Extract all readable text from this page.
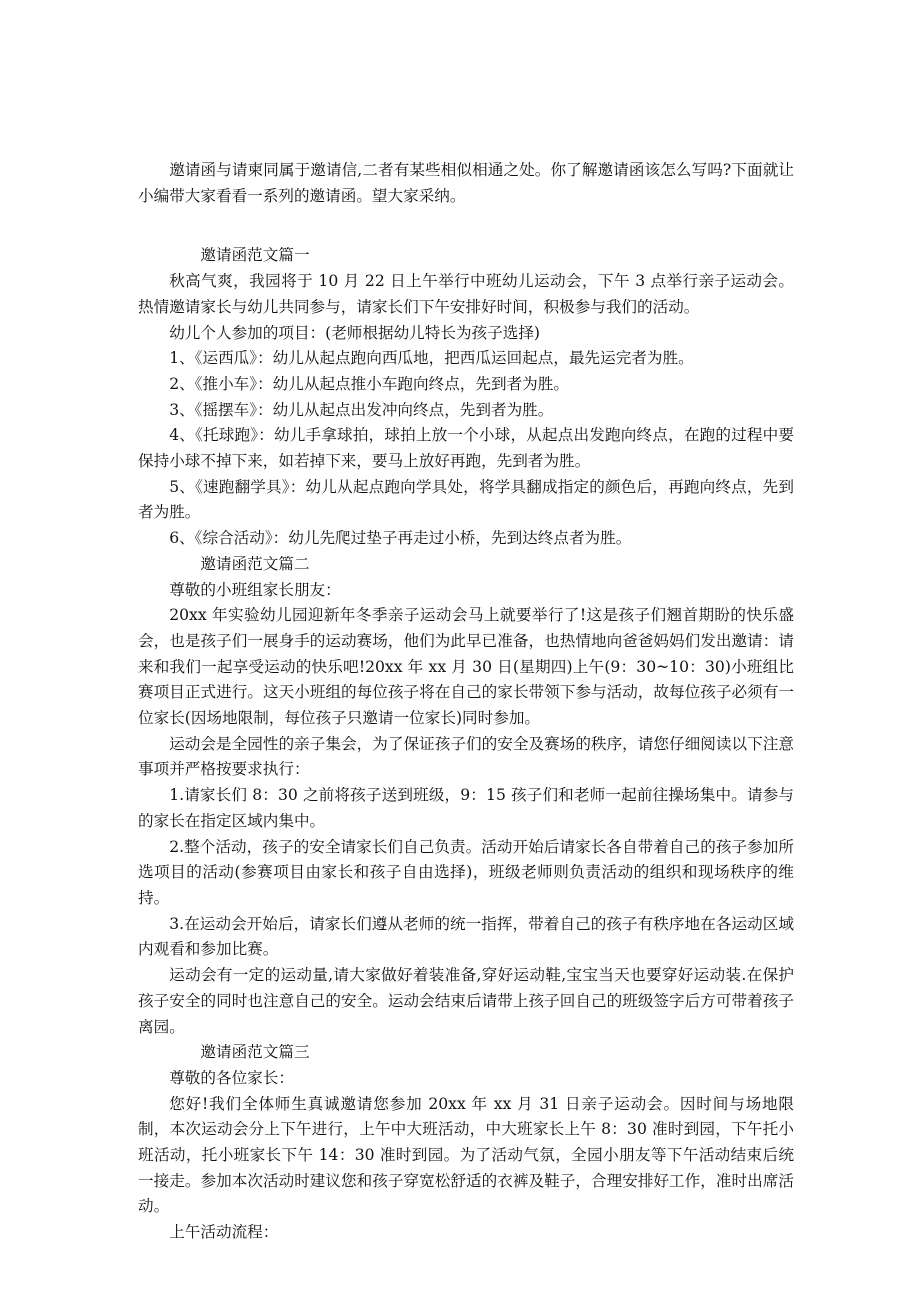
邀请函与请柬同属于邀请信,二者有某些相似相通之处。你了解邀请函该怎么写吗?下面就让小编带大家看看一系列的邀请函。望大家采纳。

邀请函范文篇一

秋高气爽，我园将于 10 月 22 日上午举行中班幼儿运动会，下午 3 点举行亲子运动会。热情邀请家长与幼儿共同参与，请家长们下午安排好时间，积极参与我们的活动。

幼儿个人参加的项目：(老师根据幼儿特长为孩子选择)

1、《运西瓜》：幼儿从起点跑向西瓜地，把西瓜运回起点，最先运完者为胜。

2、《推小车》：幼儿从起点推小车跑向终点，先到者为胜。

3、《摇摆车》：幼儿从起点出发冲向终点，先到者为胜。

4、《托球跑》：幼儿手拿球拍，球拍上放一个小球，从起点出发跑向终点，在跑的过程中要保持小球不掉下来，如若掉下来，要马上放好再跑，先到者为胜。

5、《速跑翻学具》：幼儿从起点跑向学具处，将学具翻成指定的颜色后，再跑向终点，先到者为胜。

6、《综合活动》：幼儿先爬过垫子再走过小桥，先到达终点者为胜。

邀请函范文篇二

尊敬的小班组家长朋友：

20xx 年实验幼儿园迎新年冬季亲子运动会马上就要举行了!这是孩子们翘首期盼的快乐盛会，也是孩子们一展身手的运动赛场，他们为此早已准备，也热情地向爸爸妈妈们发出邀请：请来和我们一起享受运动的快乐吧!20xx 年 xx 月 30 日(星期四)上午(9：30~10：30)小班组比赛项目正式进行。这天小班组的每位孩子将在自己的家长带领下参与活动，故每位孩子必须有一位家长(因场地限制，每位孩子只邀请一位家长)同时参加。

运动会是全园性的亲子集会，为了保证孩子们的安全及赛场的秩序，请您仔细阅读以下注意事项并严格按要求执行：

1.请家长们 8：30 之前将孩子送到班级，9：15 孩子们和老师一起前往操场集中。请参与的家长在指定区域内集中。

2.整个活动，孩子的安全请家长们自己负责。活动开始后请家长各自带着自己的孩子参加所选项目的活动(参赛项目由家长和孩子自由选择)，班级老师则负责活动的组织和现场秩序的维持。

3.在运动会开始后，请家长们遵从老师的统一指挥，带着自己的孩子有秩序地在各运动区域内观看和参加比赛。

运动会有一定的运动量,请大家做好着装准备,穿好运动鞋,宝宝当天也要穿好运动装.在保护孩子安全的同时也注意自己的安全。运动会结束后请带上孩子回自己的班级签字后方可带着孩子离园。

邀请函范文篇三

尊敬的各位家长：

您好!我们全体师生真诚邀请您参加 20xx 年 xx 月 31 日亲子运动会。因时间与场地限制，本次运动会分上下午进行，上午中大班活动，中大班家长上午 8：30 准时到园，下午托小班活动，托小班家长下午 14：30 准时到园。为了活动气氛，全园小朋友等下午活动结束后统一接走。参加本次活动时建议您和孩子穿宽松舒适的衣裤及鞋子，合理安排好工作，准时出席活动。

上午活动流程：
